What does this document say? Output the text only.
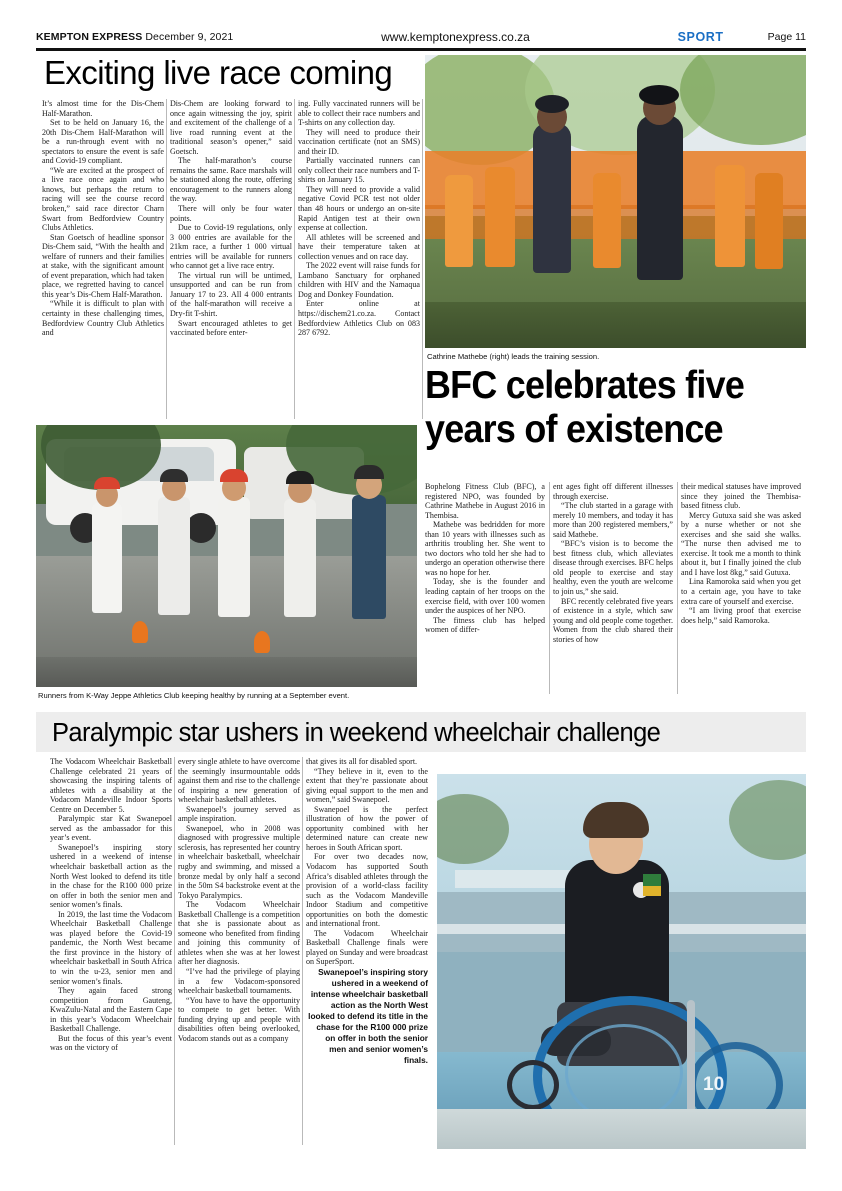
KEMPTON EXPRESS December 9, 2021	www.kemptonexpress.co.za	SPORT	Page 11
Exciting live race coming

It’s almost time for the Dis-Chem Half-Marathon.

Set to be held on January 16, the 20th Dis-Chem Half-Marathon will be a run-through event with no spectators to ensure the event is safe and Covid-19 compliant.

“We are excited at the prospect of a live race once again and who knows, but perhaps the return to racing will see the course record broken,” said race director Charn Swart from Bedfordview Country Clubs Athletics.

Stan Goetsch of headline sponsor Dis-Chem said, “With the health and welfare of runners and their families at stake, with the significant amount of event preparation, which had taken place, we regretted having to cancel this year’s Dis-Chem Half-Marathon.

“While it is difficult to plan with certainty in these challenging times, Bedfordview Country Club Athletics and

Dis-Chem are looking forward to once again witnessing the joy, spirit and excitement of the challenge of a live road running event at the traditional season’s opener,” said Goetsch.

The half-marathon’s course remains the same. Race marshals will be stationed along the route, offering encouragement to the runners along the way.

There will only be four water points.

Due to Covid-19 regulations, only 3 000 entries are available for the 21km race, a further 1 000 virtual entries will be available for runners who cannot get a live race entry.

The virtual run will be untimed, unsupported and can be run from January 17 to 23. All 4 000 entrants of the half-marathon will receive a Dry-fit T-shirt.

Swart encouraged athletes to get vaccinated before enter-

ing. Fully vaccinated runners will be able to collect their race numbers and T-shirts on any collection day.

They will need to produce their vaccination certificate (not an SMS) and their ID.

Partially vaccinated runners can only collect their race numbers and T-shirts on January 15.

They will need to provide a valid negative Covid PCR test not older than 48 hours or undergo an on-site Rapid Antigen test at their own expense at collection.

All athletes will be screened and have their temperature taken at collection venues and on race day.

The 2022 event will raise funds for Lambano Sanctuary for orphaned children with HIV and the Namaqua Dog and Donkey Foundation.

Enter online at https://dischem21.co.za. Contact Bedfordview Athletics Club on 083 287 6792.

Cathrine Mathebe (right) leads the training session.
BFC celebrates five
years of existence

Bophelong Fitness Club (BFC), a registered NPO, was founded by Cathrine Mathebe in August 2016 in Thembisa.

Mathebe was bedridden for more than 10 years with illnesses such as arthritis troubling her. She went to two doctors who told her she had to undergo an operation otherwise there was no hope for her.

Today, she is the founder and leading captain of her troops on the exercise field, with over 100 women under the auspices of her NPO.

The fitness club has helped women of differ-

ent ages fight off different illnesses through exercise.

“The club started in a garage with merely 10 members, and today it has more than 200 registered members,” said Mathebe.

“BFC’s vision is to become the best fitness club, which alleviates disease through exercises. BFC helps old people to exercise and stay healthy, even the youth are welcome to join us,” she said.

BFC recently celebrated five years of existence in a style, which saw young and old people come together. Women from the club shared their stories of how

their medical statuses have improved since they joined the Thembisa-based fitness club.

Mercy Gutuxa said she was asked by a nurse whether or not she exercises and she said she walks. “The nurse then advised me to exercise. It took me a month to think about it, but I finally joined the club and I have lost 8kg,” said Gutuxa.

Lina Ramoroka said when you get to a certain age, you have to take extra care of yourself and exercise.

“I am living proof that exercise does help,” said Ramoroka.

Runners from K-Way Jeppe Athletics Club keeping healthy by running at a September event.
Paralympic star ushers in weekend wheelchair challenge

The Vodacom Wheelchair Basketball Challenge celebrated 21 years of showcasing the inspiring talents of athletes with a disability at the Vodacom Mandeville Indoor Sports Centre on December 5.

Paralympic star Kat Swanepoel served as the ambassador for this year’s event.

Swanepoel’s inspiring story ushered in a weekend of intense wheelchair basketball action as the North West looked to defend its title in the chase for the R100 000 prize on offer in both the senior men and senior women’s finals.

In 2019, the last time the Vodacom Wheelchair Basketball Challenge was played before the Covid-19 pandemic, the North West became the first province in the history of wheelchair basketball in South Africa to win the u-23, senior men and senior women’s finals.

They again faced strong competition from Gauteng, KwaZulu-Natal and the Eastern Cape in this year’s Vodacom Wheelchair Basketball Challenge.

But the focus of this year’s event was on the victory of

every single athlete to have overcome the seemingly insurmountable odds against them and rise to the challenge of inspiring a new generation of wheelchair basketball athletes.

Swanepoel’s journey served as ample inspiration.

Swanepoel, who in 2008 was diagnosed with progressive multiple sclerosis, has represented her country in wheelchair basketball, wheelchair rugby and swimming, and missed a bronze medal by only half a second in the 50m S4 backstroke event at the Tokyo Paralympics.

The Vodacom Wheelchair Basketball Challenge is a competition that she is passionate about as someone who benefited from finding and joining this community of athletes when she was at her lowest after her diagnosis.

“I’ve had the privilege of playing in a few Vodacom-sponsored wheelchair basketball tournaments.

“You have to have the opportunity to compete to get better. With funding drying up and people with disabilities often being overlooked, Vodacom stands out as a company

that gives its all for disabled sport.

“They believe in it, even to the extent that they’re passionate about giving equal support to the men and women,” said Swanepoel.

Swanepoel is the perfect illustration of how the power of opportunity combined with her determined nature can create new heroes in South African sport.

For over two decades now, Vodacom has supported South Africa’s disabled athletes through the provision of a world-class facility such as the Vodacom Mandeville Indoor Stadium and competitive opportunities on both the domestic and international front.

The Vodacom Wheelchair Basketball Challenge finals were played on Sunday and were broadcast on SuperSport.

Swanepoel’s inspiring story ushered in a weekend of intense wheelchair basketball action as the North West looked to defend its title in the chase for the R100 000 prize on offer in both the senior men and senior women’s finals.

10
